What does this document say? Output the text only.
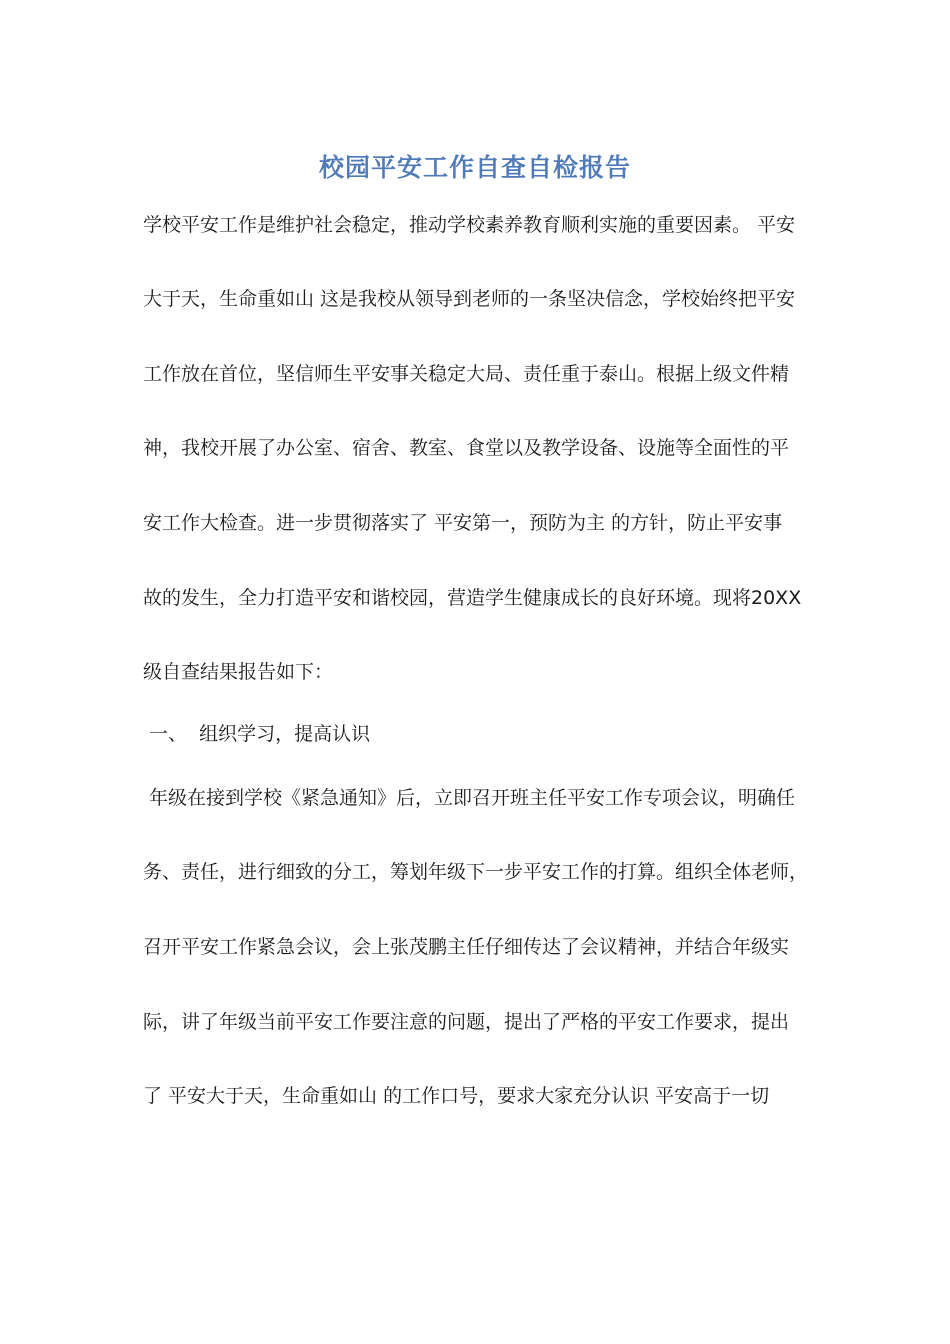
校园平安工作自查自检报告
学校平安工作是维护社会稳定，推动学校素养教育顺利实施的重要因素。 平安
大于天，生命重如山 这是我校从领导到老师的一条坚决信念，学校始终把平安
工作放在首位，坚信师生平安事关稳定大局、责任重于泰山。根据上级文件精
神，我校开展了办公室、宿舍、教室、食堂以及教学设备、设施等全面性的平
安工作大检查。进一步贯彻落实了 平安第一，预防为主 的方针，防止平安事
故的发生，全力打造平安和谐校园，营造学生健康成长的良好环境。现将20XX
级自查结果报告如下：
一、  组织学习，提高认识
年级在接到学校《紧急通知》后，立即召开班主任平安工作专项会议，明确任
务、责任，进行细致的分工，筹划年级下一步平安工作的打算。组织全体老师，
召开平安工作紧急会议，会上张茂鹏主任仔细传达了会议精神，并结合年级实
际，讲了年级当前平安工作要注意的问题，提出了严格的平安工作要求，提出
了 平安大于天，生命重如山 的工作口号，要求大家充分认识 平安高于一切
